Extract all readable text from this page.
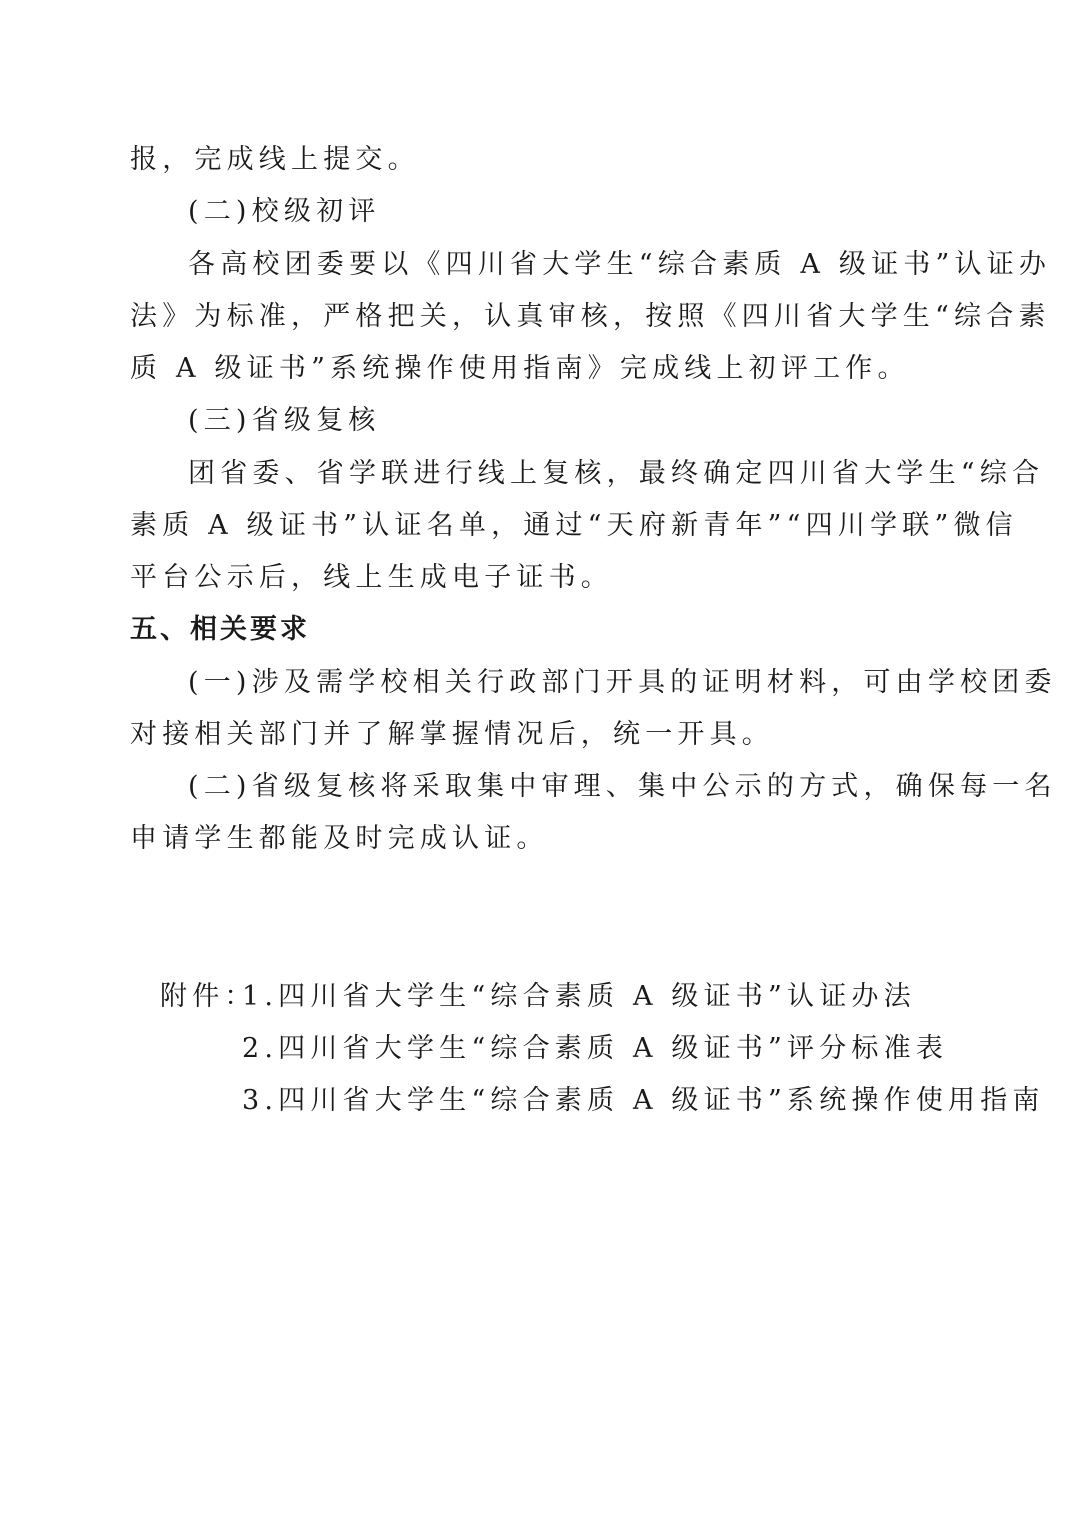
报，完成线上提交。
(二)校级初评
各高校团委要以《四川省大学生“综合素质 A 级证书”认证办
法》为标准，严格把关，认真审核，按照《四川省大学生“综合素
质 A 级证书”系统操作使用指南》完成线上初评工作。
(三)省级复核
团省委、省学联进行线上复核，最终确定四川省大学生“综合
素质 A 级证书”认证名单，通过“天府新青年”“四川学联”微信
平台公示后，线上生成电子证书。
五、相关要求
(一)涉及需学校相关行政部门开具的证明材料，可由学校团委
对接相关部门并了解掌握情况后，统一开具。
(二)省级复核将采取集中审理、集中公示的方式，确保每一名
申请学生都能及时完成认证。
附件：
1.四川省大学生“综合素质 A 级证书”认证办法
2.四川省大学生“综合素质 A 级证书”评分标准表
3.四川省大学生“综合素质 A 级证书”系统操作使用指南
